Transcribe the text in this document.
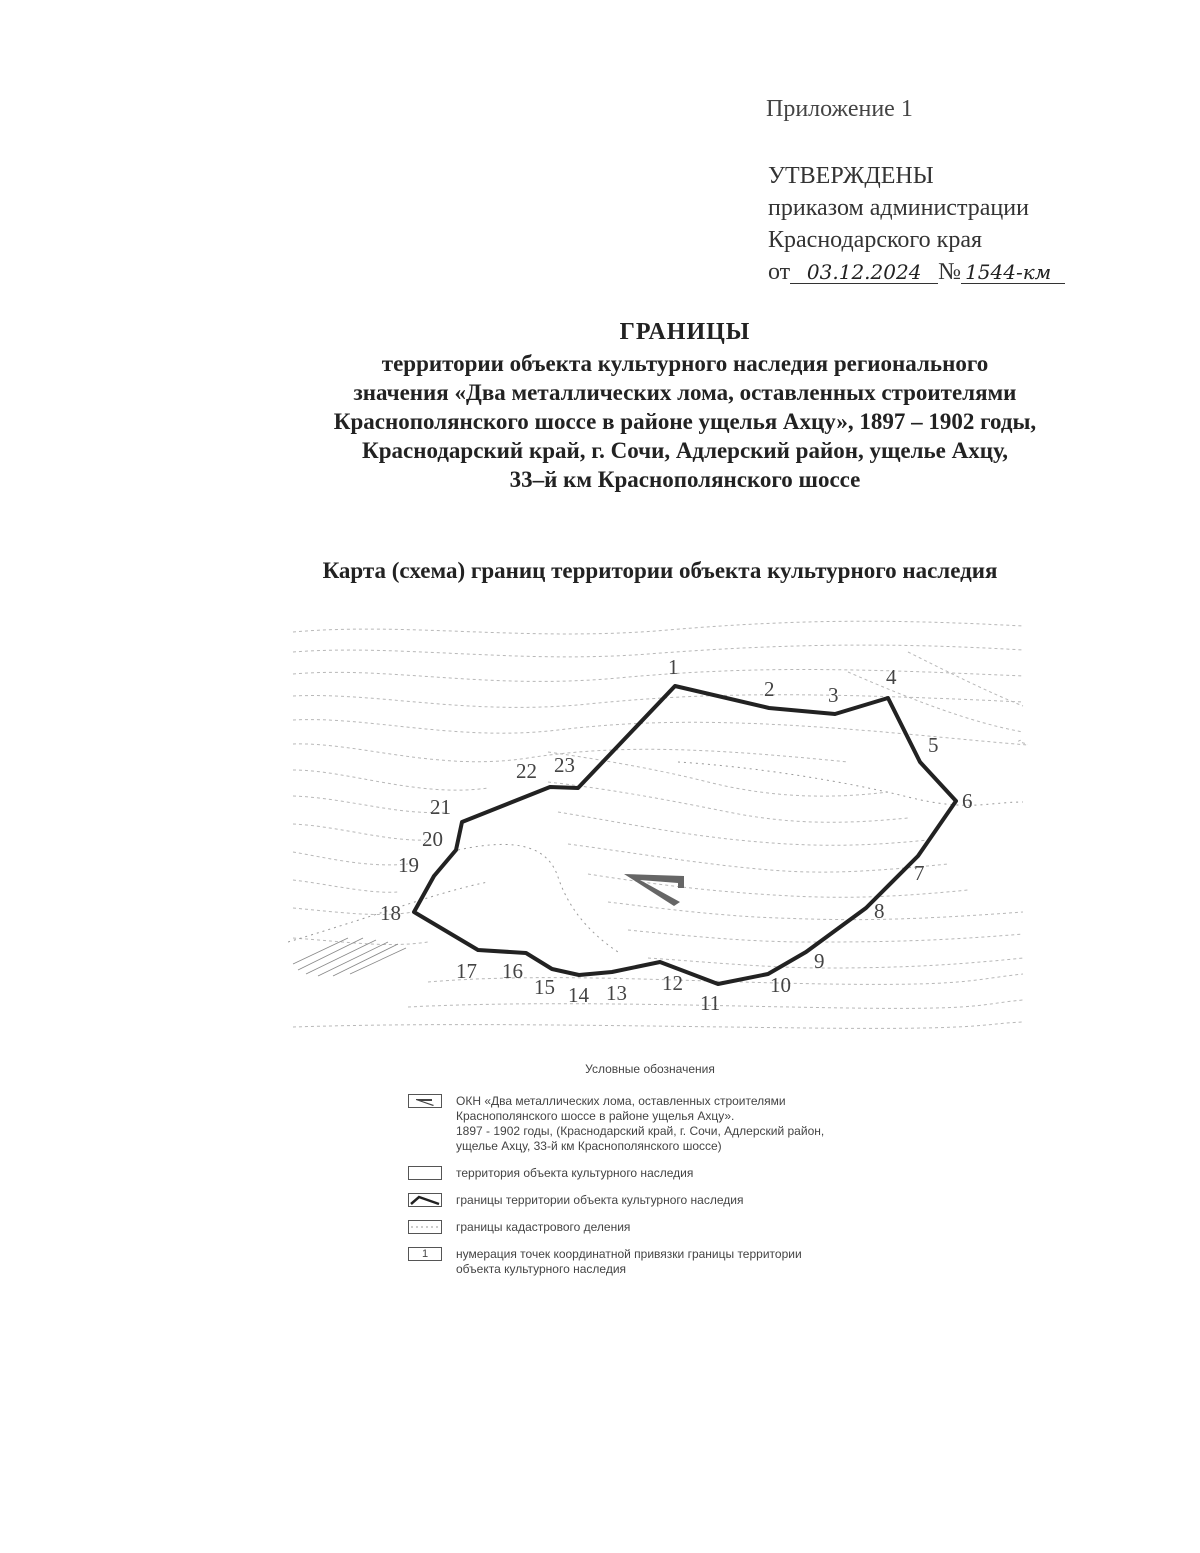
Приложение 1
УТВЕРЖДЕНЫ
приказом администрации
Краснодарского края
от 03.12.2024 № 1544-км
ГРАНИЦЫ
территории объекта культурного наследия регионального
значения «Два металлических лома, оставленных строителями
Краснополянского шоссе в районе ущелья Ахцу», 1897 – 1902 годы,
Краснодарский край, г. Сочи, Адлерский район, ущелье Ахцу,
33–й км Краснополянского шоссе
Карта (схема) границ территории объекта культурного наследия
1
2	3
4
5
6
7
8
9
10
11
12
13
14
15
16
17
18
19
20
21
22 23
Условные обозначения
ОКН «Два металлических лома, оставленных строителями
Краснополянского шоссе в районе ущелья Ахцу».
1897 - 1902 годы, (Краснодарский край, г. Сочи, Адлерский район,
ущелье Ахцу, 33-й км Краснополянского шоссе)
территория объекта культурного наследия
границы территории объекта культурного наследия
границы кадастрового деления
1	нумерация точек координатной привязки границы территории
объекта культурного наследия
